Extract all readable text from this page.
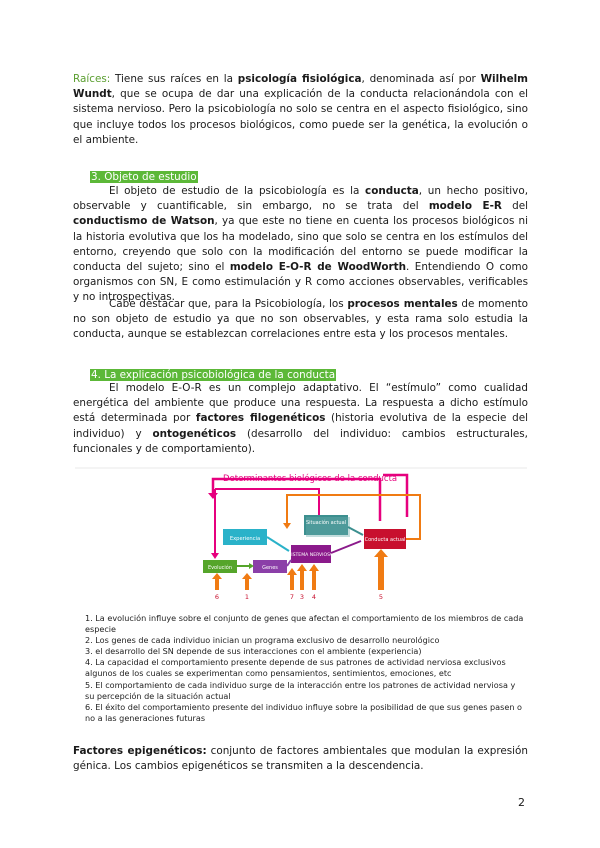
Raíces: Tiene sus raíces en la psicología fisiológica, denominada así por Wilhelm Wundt, que se ocupa de dar una explicación de la conducta relacionándola con el sistema nervioso. Pero la psicobiología no solo se centra en el aspecto fisiológico, sino que incluye todos los procesos biológicos, como puede ser la genética, la evolución o el ambiente.

3. Objeto de estudio

El objeto de estudio de la psicobiología es la conducta, un hecho positivo, observable y cuantificable, sin embargo, no se trata del modelo E-R del conductismo de Watson, ya que este no tiene en cuenta los procesos biológicos ni la historia evolutiva que los ha modelado, sino que solo se centra en los estímulos del entorno, creyendo que solo con la modificación del entorno se puede modificar la conducta del sujeto; sino el modelo E-O-R de WoodWorth. Entendiendo O como organismos con SN, E como estimulación y R como acciones observables, verificables y no introspectivas.

Cabe destacar que, para la Psicobiología, los procesos mentales de momento no son objeto de estudio ya que no son observables, y esta rama solo estudia la conducta, aunque se establezcan correlaciones entre esta y los procesos mentales.

4. La explicación psicobiológica de la conducta

El modelo E-O-R es un complejo adaptativo. El “estímulo” como cualidad energética del ambiente que produce una respuesta. La respuesta a dicho estímulo está determinada por factores filogenéticos (historia evolutiva de la especie del individuo) y ontogenéticos (desarrollo del individuo: cambios estructurales, funcionales y de comportamiento).

Determinantes biológicos de la conducta
Situación actual
Experiencia	Conducta actual
SISTEMA NERVIOSO
Evolución	Genes
6	1	7 3 4	5
1. La evolución influye sobre el conjunto de genes que afectan el comportamiento de los miembros de cada especie
2. Los genes de cada individuo inician un programa exclusivo de desarrollo neurológico
3. el desarrollo del SN depende de sus interacciones con el ambiente (experiencia)
4. La capacidad el comportamiento presente depende de sus patrones de actividad nerviosa exclusivos algunos de los cuales se experimentan como pensamientos, sentimientos, emociones, etc
5. El comportamiento de cada individuo surge de la interacción entre los patrones de actividad nerviosa y su percepción de la situación actual
6. El éxito del comportamiento presente del individuo influye sobre la posibilidad de que sus genes pasen o no a las generaciones futuras

Factores epigenéticos: conjunto de factores ambientales que modulan la expresión génica. Los cambios epigenéticos se transmiten a la descendencia.

2
